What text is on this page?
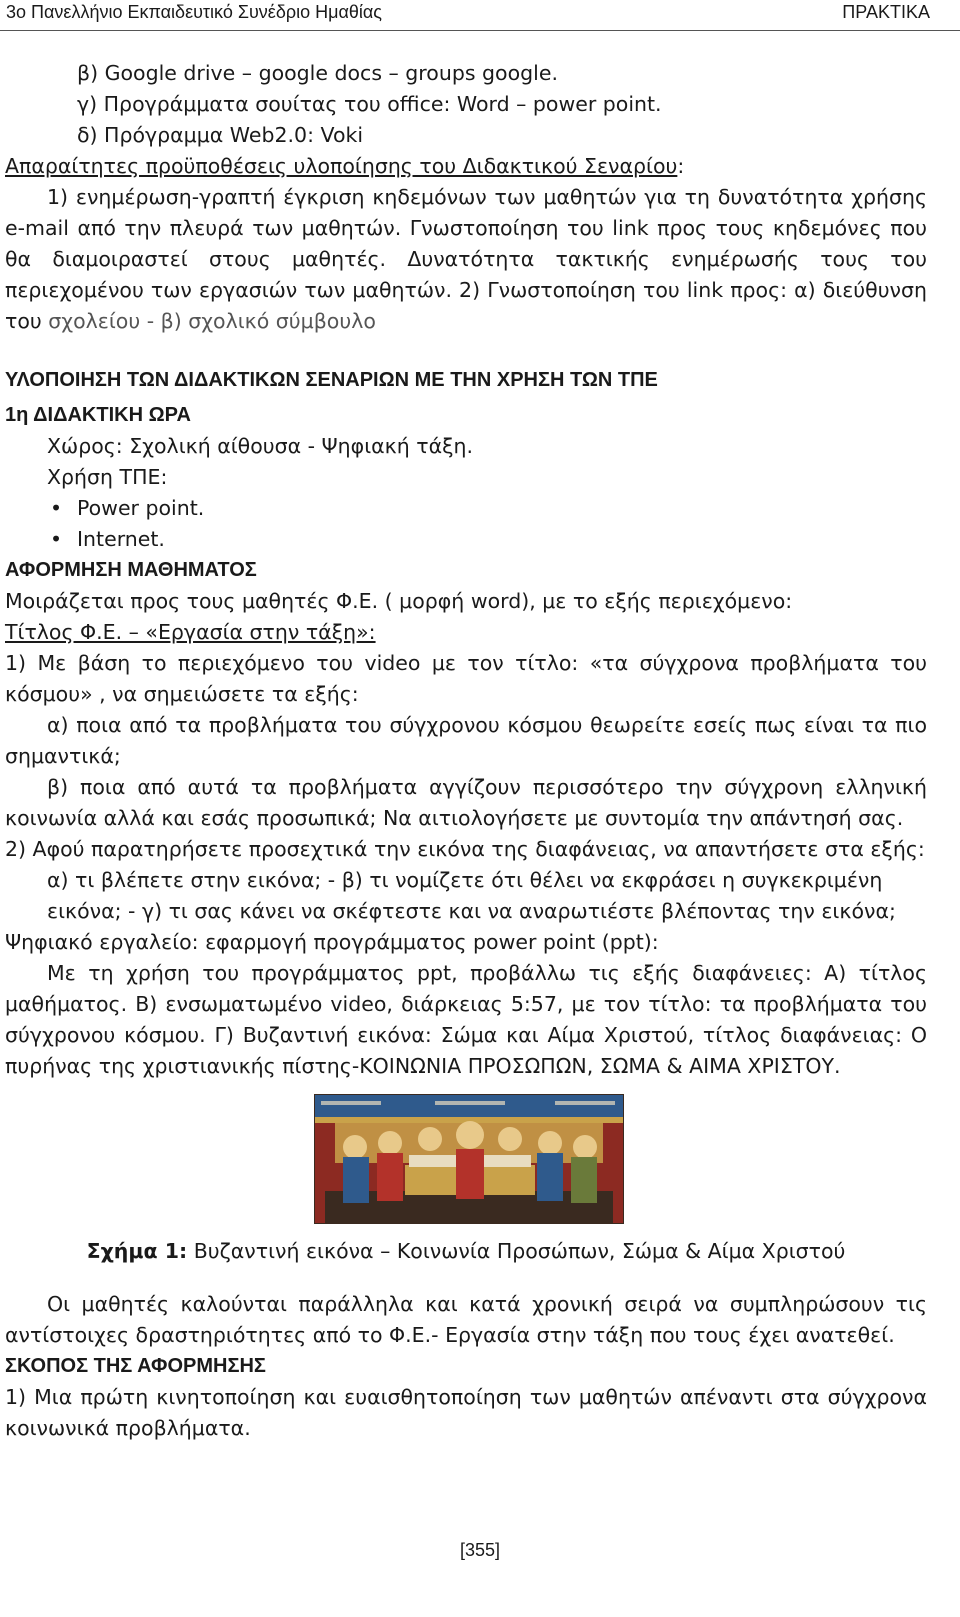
3ο Πανελλήνιο Εκπαιδευτικό Συνέδριο Ημαθίας	ΠΡΑΚΤΙΚΑ

β) Google drive – google docs – groups google.

γ) Προγράμματα σουίτας του office: Word – power point.

δ) Πρόγραμμα Web2.0: Voki

Απαραίτητες προϋποθέσεις υλοποίησης του Διδακτικού Σεναρίου:

1) ενημέρωση-γραπτή έγκριση κηδεμόνων των μαθητών για τη δυνατότητα χρήσης e-mail από την πλευρά των μαθητών. Γνωστοποίηση του link προς τους κηδεμόνες που θα διαμοιραστεί στους μαθητές. Δυνατότητα τακτικής ενημέρωσής τους του περιεχομένου των εργασιών των μαθητών. 2) Γνωστοποίηση του link προς: α) διεύθυνση του σχολείου - β) σχολικό σύμβουλο

ΥΛΟΠΟΙΗΣΗ ΤΩΝ ΔΙΔΑΚΤΙΚΩΝ ΣΕΝΑΡΙΩΝ ΜΕ ΤΗΝ ΧΡΗΣΗ ΤΩΝ ΤΠΕ

1η ΔΙΔΑΚΤΙΚΗ ΩΡΑ

Χώρος: Σχολική αίθουσα - Ψηφιακή τάξη.

Χρήση ΤΠΕ:

• Power point.

• Internet.

ΑΦΟΡΜΗΣΗ ΜΑΘΗΜΑΤΟΣ

Μοιράζεται προς τους μαθητές Φ.Ε. ( μορφή word), με το εξής περιεχόμενο:

Τίτλος Φ.Ε. – «Εργασία στην τάξη»:

1) Με βάση το περιεχόμενο του video με τον τίτλο: «τα σύγχρονα προβλήματα του κόσμου» , να σημειώσετε τα εξής:

α) ποια από τα προβλήματα του σύγχρονου κόσμου θεωρείτε εσείς πως είναι τα πιο σημαντικά;

β) ποια από αυτά τα προβλήματα αγγίζουν περισσότερο την σύγχρονη ελληνική κοινωνία αλλά και εσάς προσωπικά; Να αιτιολογήσετε με συντομία την απάντησή σας.

2) Αφού παρατηρήσετε προσεχτικά την εικόνα της διαφάνειας, να απαντήσετε στα εξής:

α) τι βλέπετε στην εικόνα; - β) τι νομίζετε ότι θέλει να εκφράσει η συγκεκριμένη

εικόνα; - γ) τι σας κάνει να σκέφτεστε και να αναρωτιέστε βλέποντας την εικόνα;

Ψηφιακό εργαλείο: εφαρμογή προγράμματος power point (ppt):

Με τη χρήση του προγράμματος ppt, προβάλλω τις εξής διαφάνειες: Α) τίτλος μαθήματος. Β) ενσωματωμένο video, διάρκειας 5:57, με τον τίτλο: τα προβλήματα του σύγχρονου κόσμου. Γ) Βυζαντινή εικόνα: Σώμα και Αίμα Χριστού, τίτλος διαφάνειας: Ο πυρήνας της χριστιανικής πίστης-ΚΟΙΝΩΝΙΑ ΠΡΟΣΩΠΩΝ, ΣΩΜΑ & ΑΙΜΑ ΧΡΙΣΤΟΥ.

Σχήμα 1: Βυζαντινή εικόνα – Κοινωνία Προσώπων, Σώμα & Αίμα Χριστού

Οι μαθητές καλούνται παράλληλα και κατά χρονική σειρά να συμπληρώσουν τις αντίστοιχες δραστηριότητες από το Φ.Ε.- Εργασία στην τάξη που τους έχει ανατεθεί.

ΣΚΟΠΟΣ ΤΗΣ ΑΦΟΡΜΗΣΗΣ

1) Μια πρώτη κινητοποίηση και ευαισθητοποίηση των μαθητών απέναντι στα σύγχρονα κοινωνικά προβλήματα.

[355]
